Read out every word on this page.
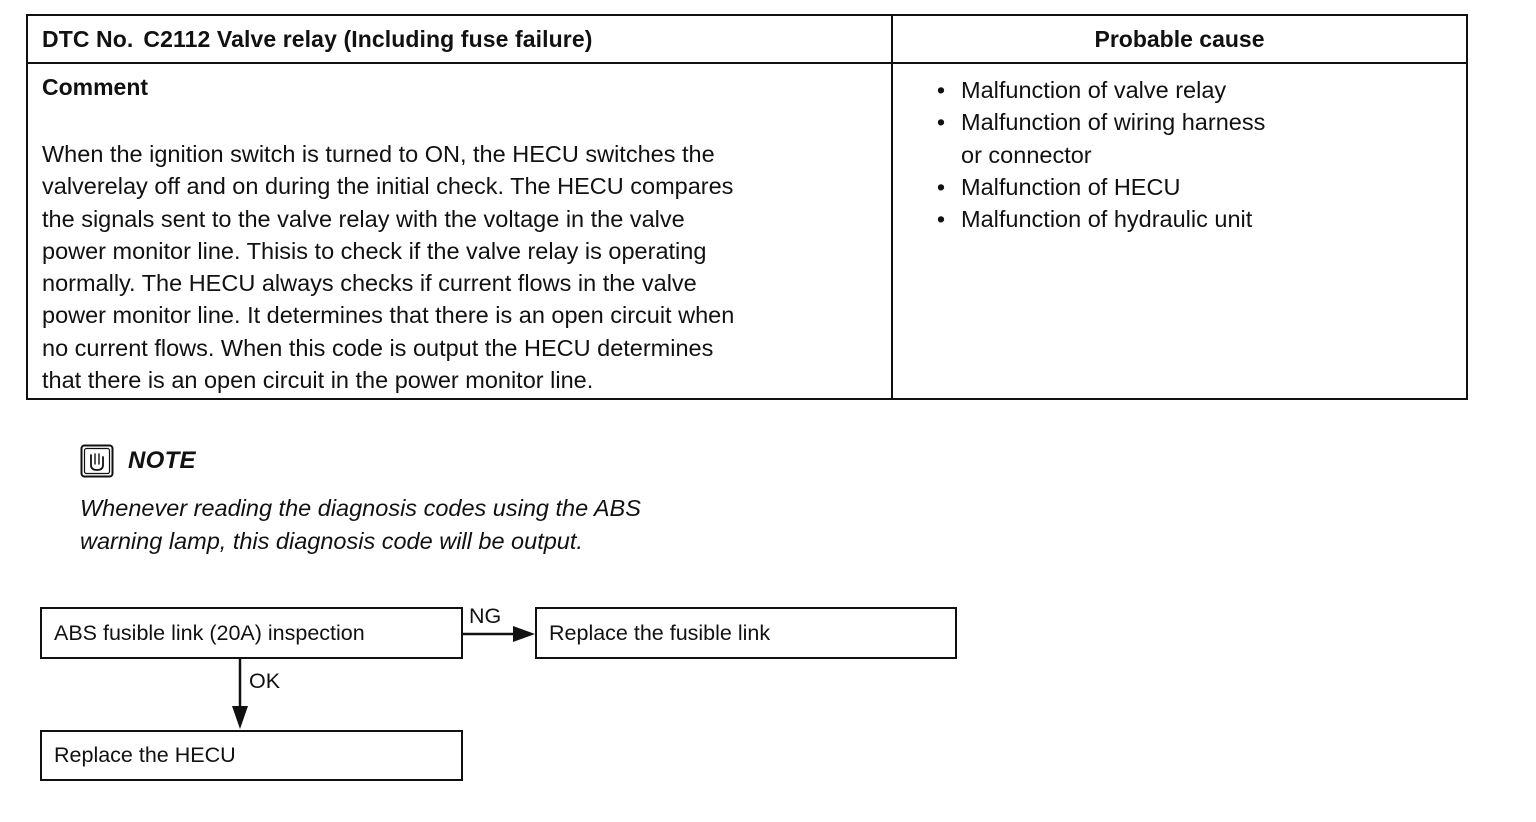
DTC No. C2112 Valve relay (Including fuse failure)	Probable cause
Comment
When the ignition switch is turned to ON, the HECU switches the
valverelay off and on during the initial check. The HECU compares
the signals sent to the valve relay with the voltage in the valve
power monitor line. Thisis to check if the valve relay is operating
normally. The HECU always checks if current flows in the valve
power monitor line. It determines that there is an open circuit when
no current flows. When this code is output the HECU determines
that there is an open circuit in the power monitor line.
• Malfunction of valve relay
• Malfunction of wiring harness
or connector
• Malfunction of HECU
• Malfunction of hydraulic unit
NOTE
Whenever reading the diagnosis codes using the ABS
warning lamp, this diagnosis code will be output.
ABS fusible link (20A) inspection	Replace the fusible link
Replace the HECU
NG
OK
